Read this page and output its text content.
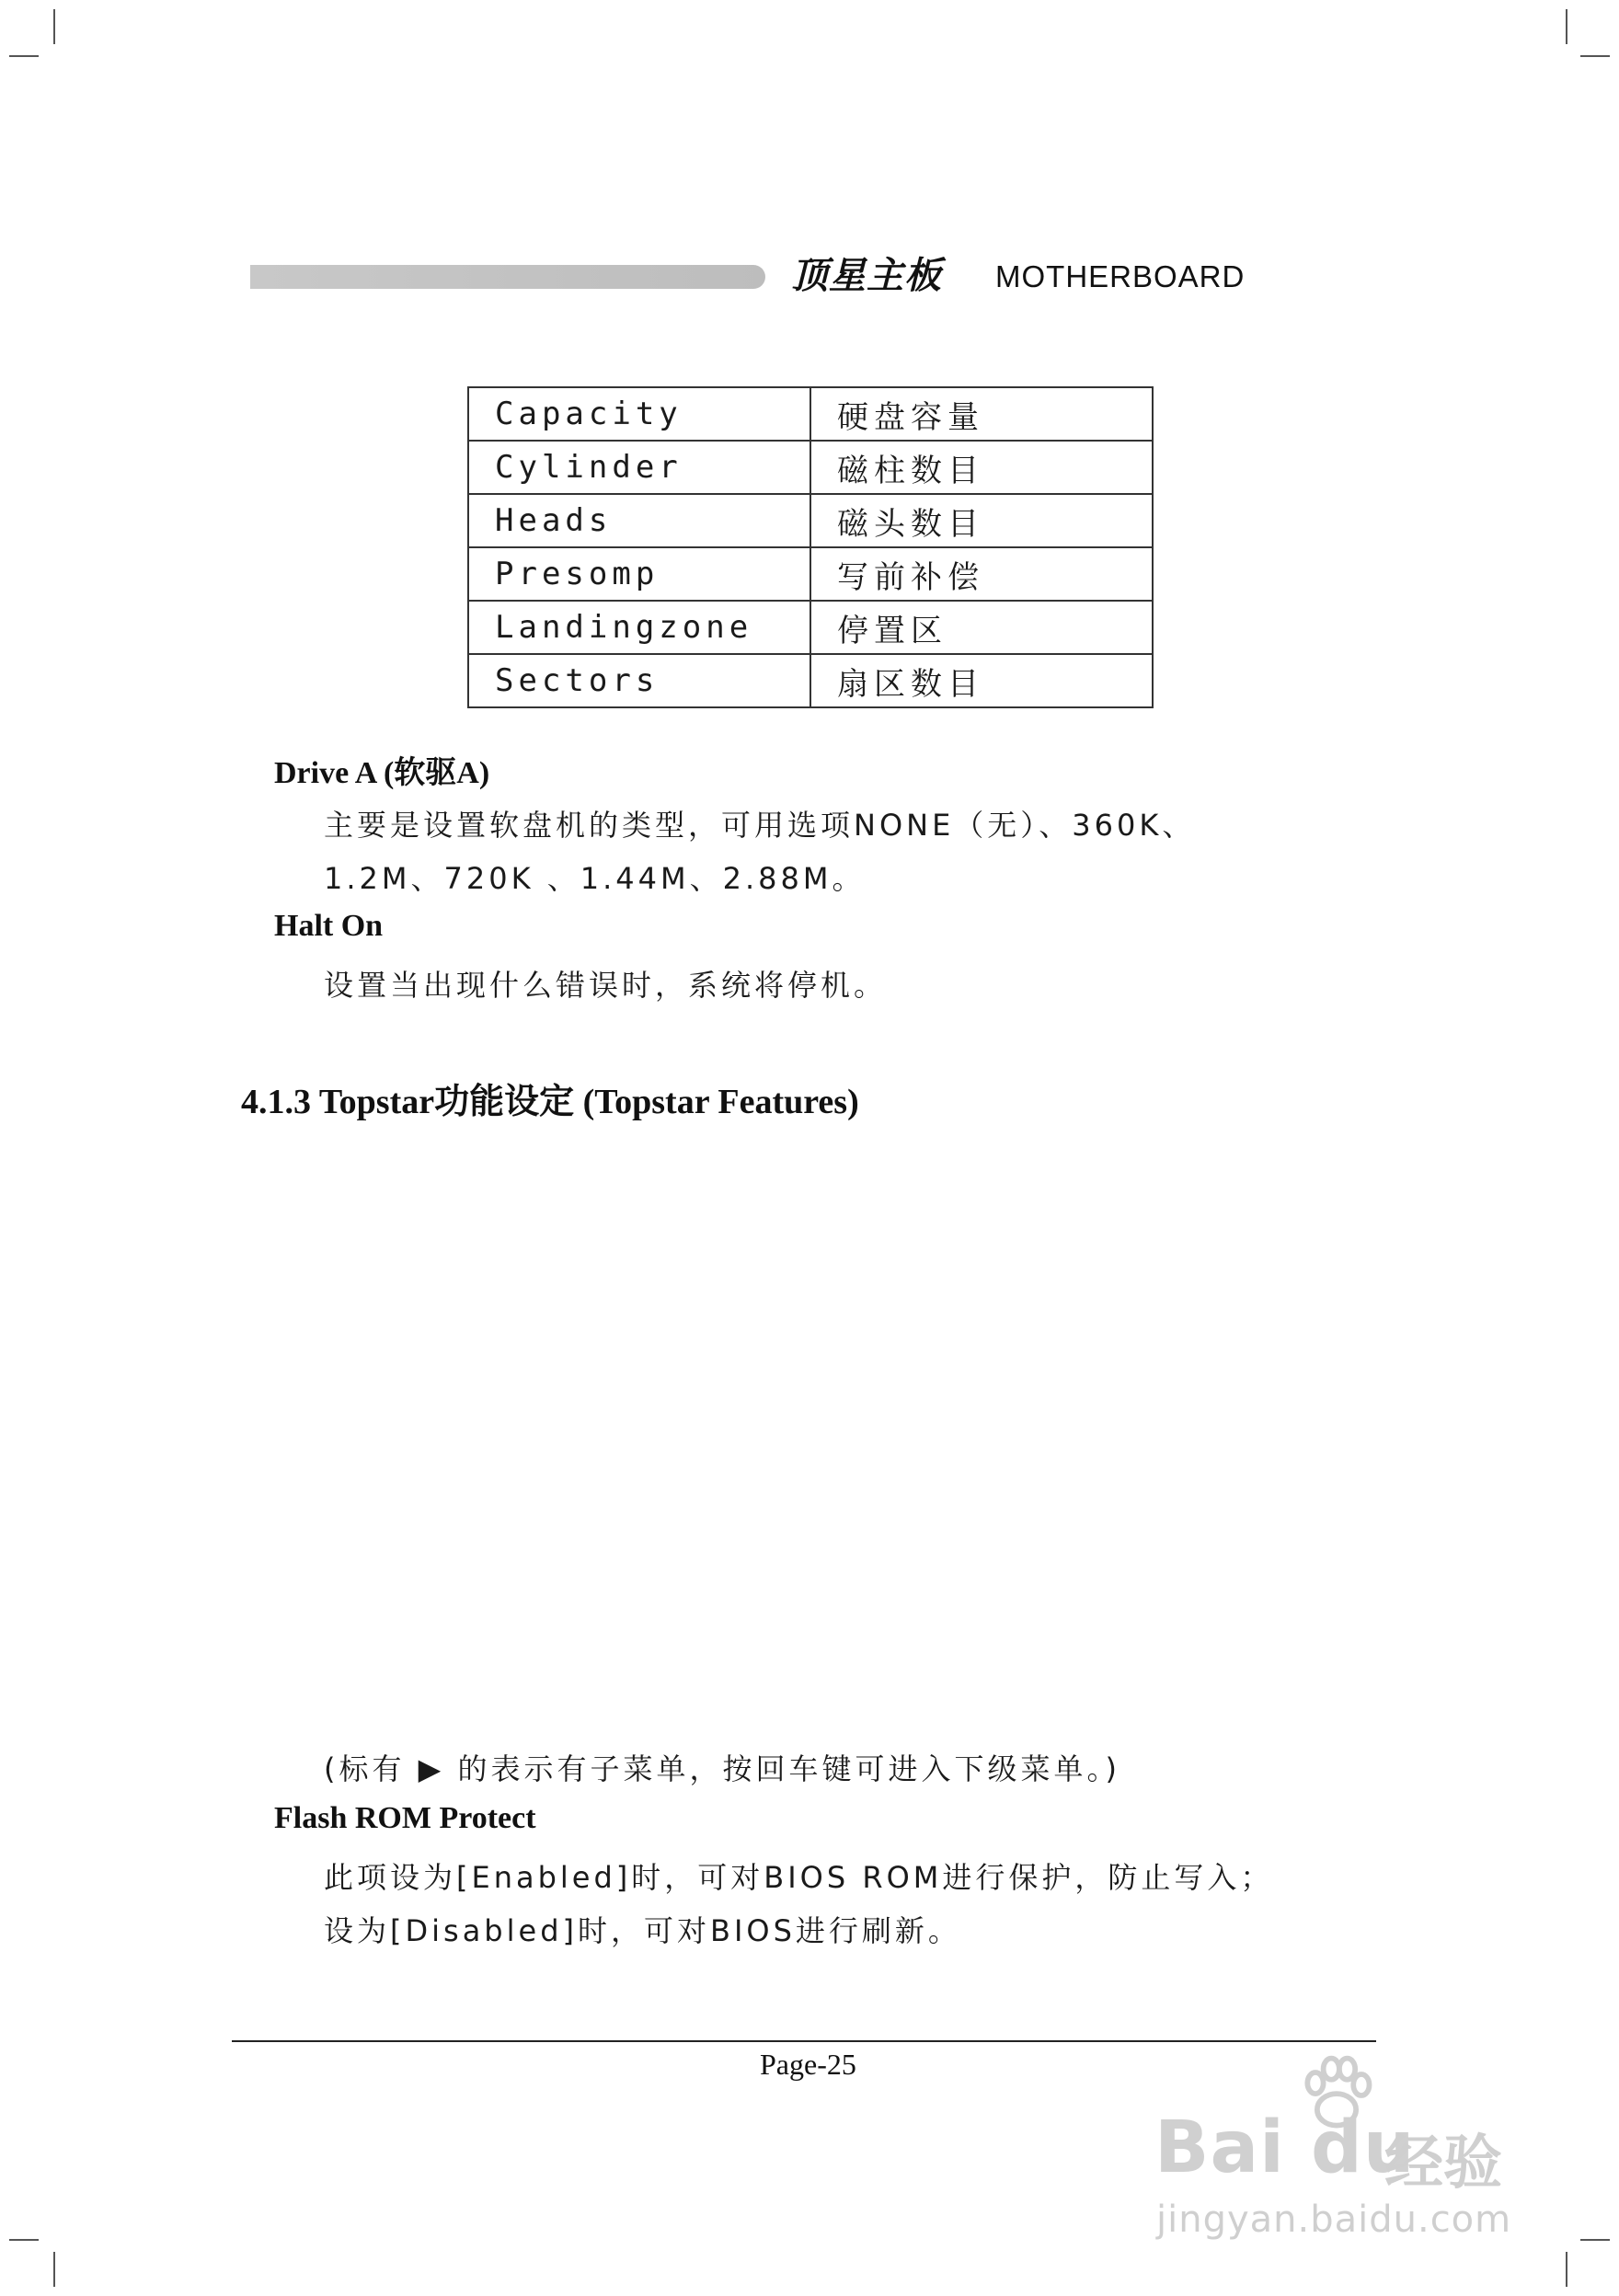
顶星主板 MOTHERBOARD
Capacity	硬盘容量
Cylinder	磁柱数目
Heads	磁头数目
Presomp	写前补偿
Landingzone	停置区
Sectors	扇区数目
Drive A (软驱A)
主要是设置软盘机的类型，可用选项NONE（无）、360K、
1.2M、720K 、1.44M、2.88M。
Halt On
设置当出现什么错误时，系统将停机。
4.1.3 Topstar功能设定 (Topstar Features)
(标有 ▶ 的表示有子菜单，按回车键可进入下级菜单。)
Flash ROM Protect
此项设为[Enabled]时，可对BIOS ROM进行保护，防止写入；
设为[Disabled]时，可对BIOS进行刷新。
Page-25
Bai du
经验
jingyan.baidu.com
